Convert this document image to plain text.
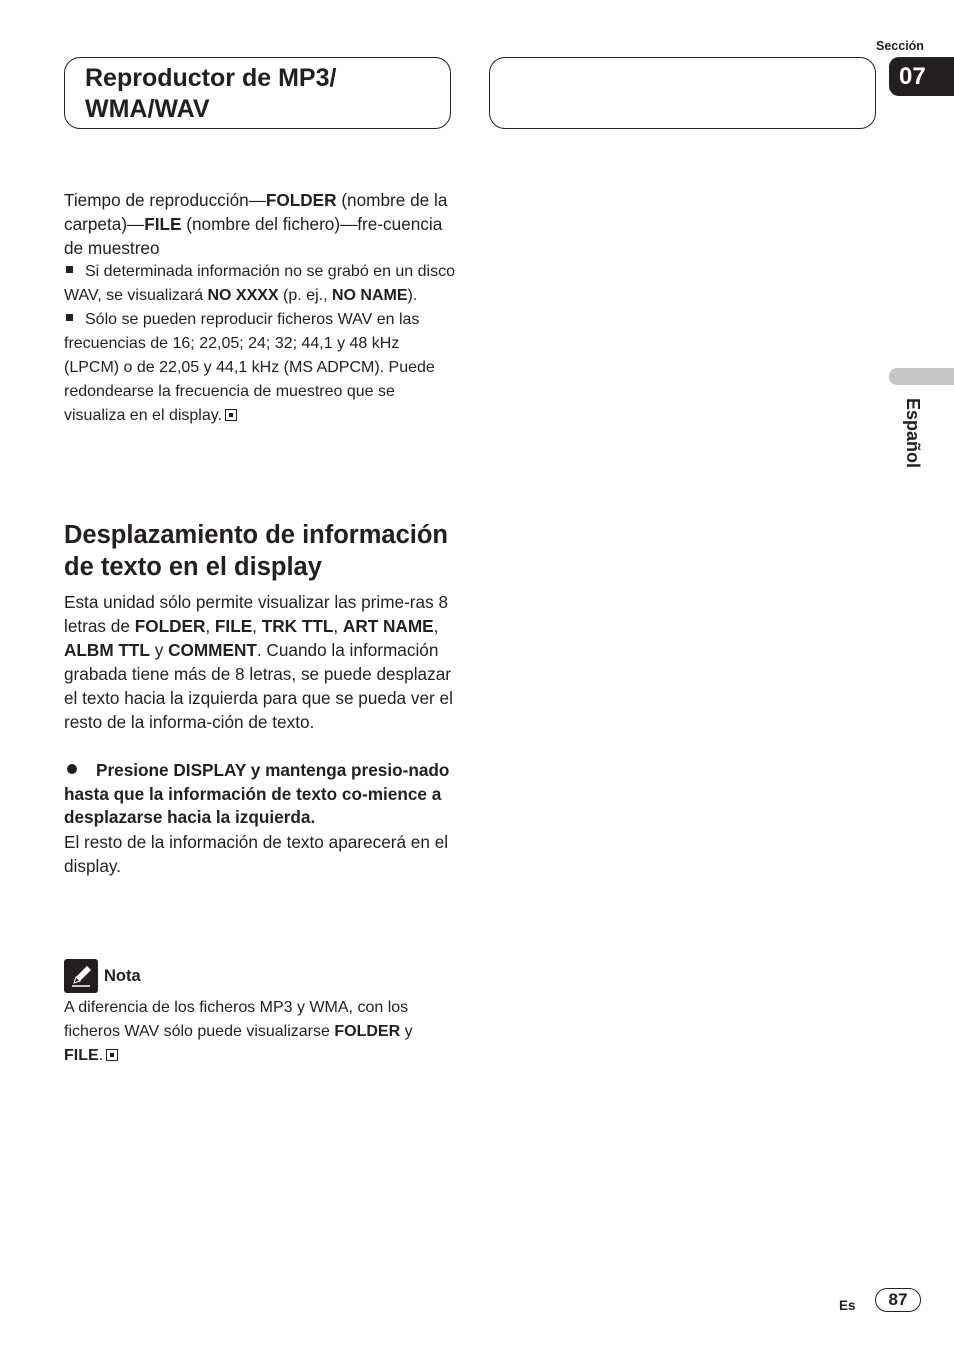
Reproductor de MP3/
WMA/WAV
Sección
07
Español

Tiempo de reproducción—FOLDER (nombre de la carpeta)—FILE (nombre del fichero)—fre-cuencia de muestreo

Si determinada información no se grabó en un disco WAV, se visualizará NO XXXX (p. ej., NO NAME).

Sólo se pueden reproducir ficheros WAV en las frecuencias de 16; 22,05; 24; 32; 44,1 y 48 kHz (LPCM) o de 22,05 y 44,1 kHz (MS ADPCM). Puede redondearse la frecuencia de muestreo que se visualiza en el display.

Desplazamiento de información de texto en el display

Esta unidad sólo permite visualizar las prime-ras 8 letras de FOLDER, FILE, TRK TTL, ART NAME, ALBM TTL y COMMENT. Cuando la información grabada tiene más de 8 letras, se puede desplazar el texto hacia la izquierda para que se pueda ver el resto de la informa-ción de texto.

Presione DISPLAY y mantenga presio-nado hasta que la información de texto co-mience a desplazarse hacia la izquierda.

El resto de la información de texto aparecerá en el display.

Nota

A diferencia de los ficheros MP3 y WMA, con los ficheros WAV sólo puede visualizarse FOLDER y FILE.

Es	87
